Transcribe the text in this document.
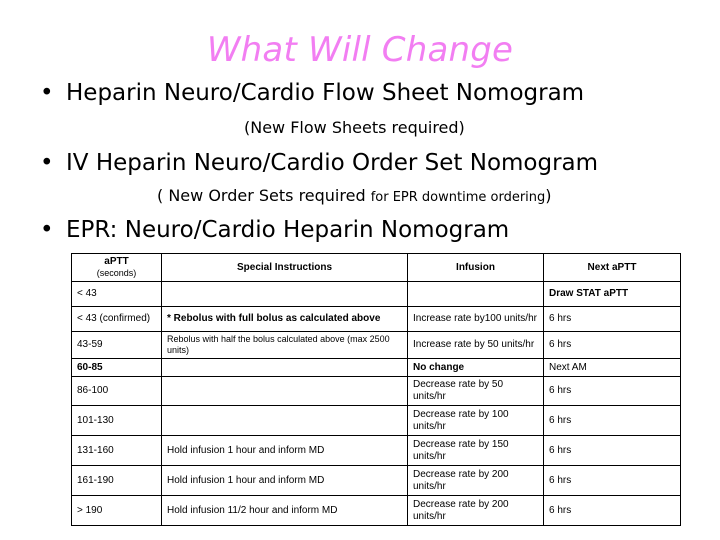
What Will Change
• Heparin Neuro/Cardio Flow Sheet Nomogram
(New Flow Sheets required)
• IV Heparin Neuro/Cardio Order Set Nomogram
( New Order Sets required for EPR downtime ordering)
• EPR: Neuro/Cardio Heparin Nomogram
aPTT
(seconds)	Special Instructions	Infusion	Next aPTT
< 43			Draw STAT aPTT
< 43 (confirmed)	* Rebolus with full bolus as calculated above	Increase rate by100 units/hr	6 hrs
43-59	Rebolus with half the bolus calculated above (max 2500 units)	Increase rate by 50 units/hr	6 hrs
60-85		No change	Next AM
86-100		Decrease rate by 50 units/hr	6 hrs
101-130		Decrease rate by 100 units/hr	6 hrs
131-160	Hold infusion 1 hour and inform MD	Decrease rate by 150 units/hr	6 hrs
161-190	Hold infusion 1 hour and inform MD	Decrease rate by 200 units/hr	6 hrs
> 190	Hold infusion 11/2 hour and inform MD	Decrease rate by 200 units/hr	6 hrs
